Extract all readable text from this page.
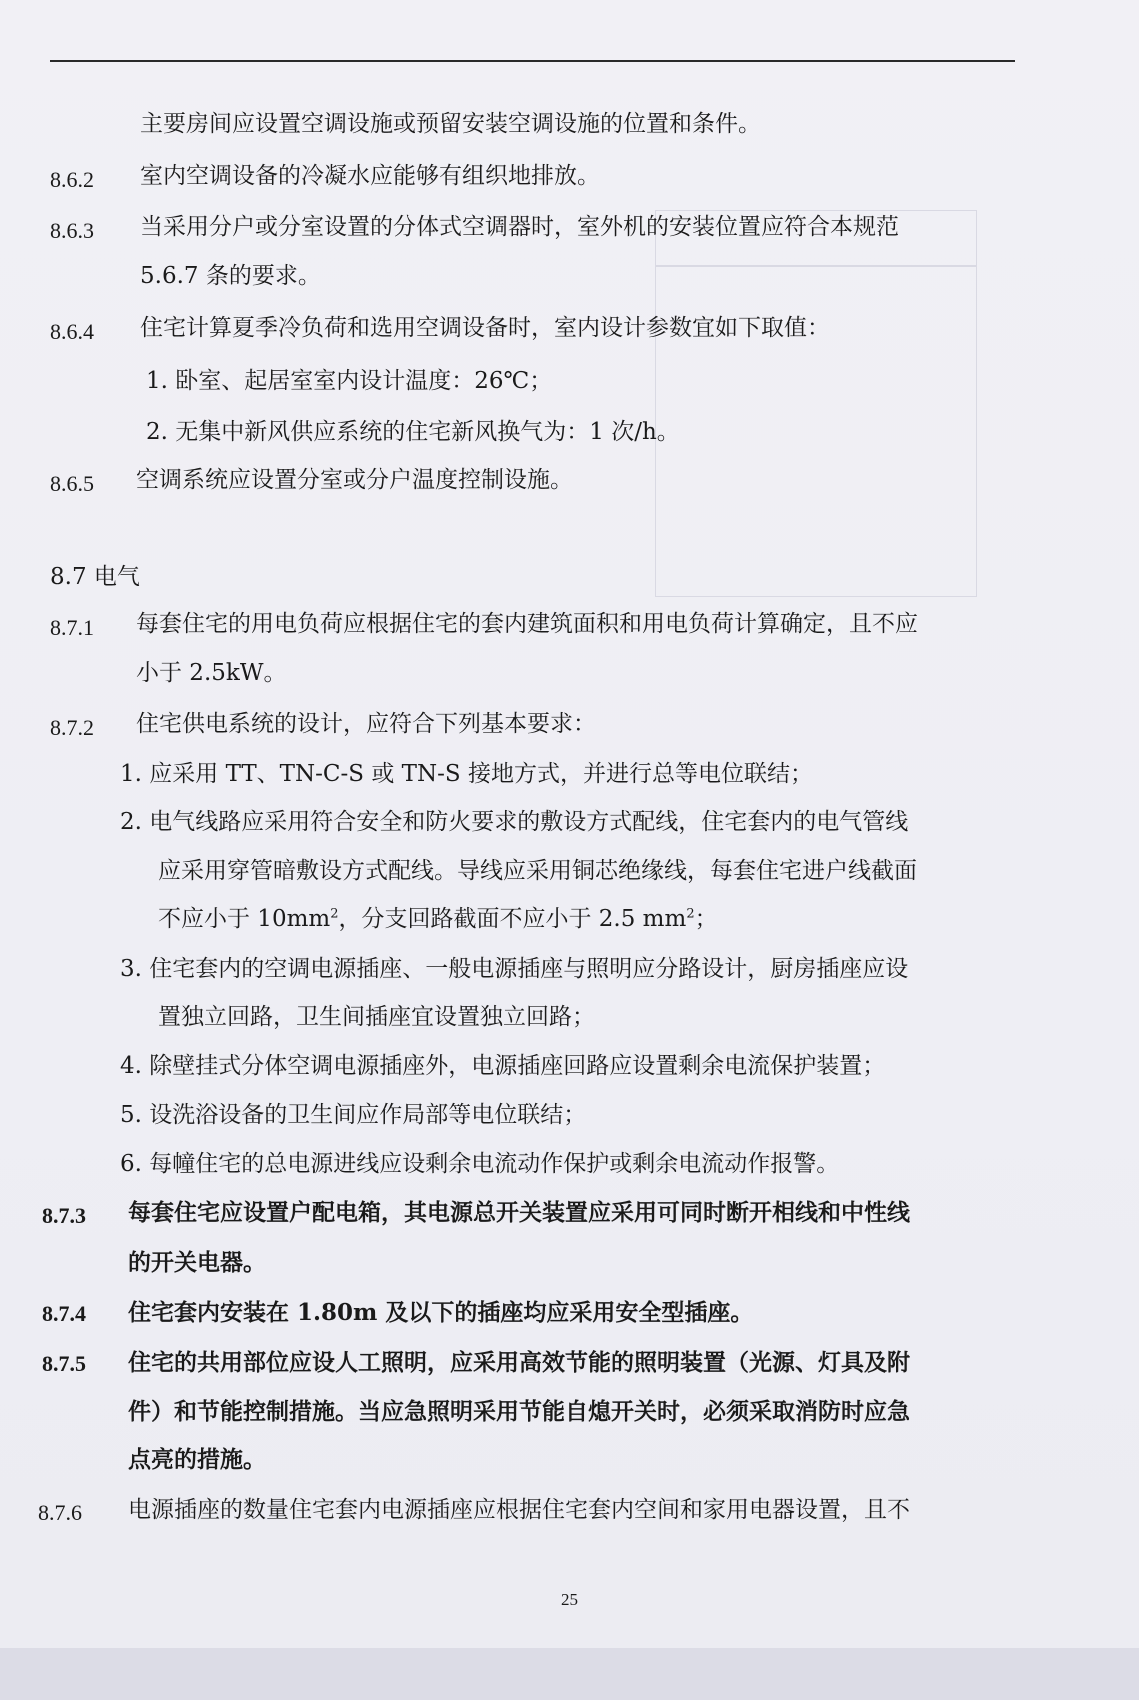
主要房间应设置空调设施或预留安装空调设施的位置和条件。
8.6.2 室内空调设备的冷凝水应能够有组织地排放。
8.6.3 当采用分户或分室设置的分体式空调器时，室外机的安装位置应符合本规范
5.6.7 条的要求。
8.6.4 住宅计算夏季冷负荷和选用空调设备时，室内设计参数宜如下取值：
1. 卧室、起居室室内设计温度：26℃；
2. 无集中新风供应系统的住宅新风换气为：1 次/h。
8.6.5 空调系统应设置分室或分户温度控制设施。
8.7 电气
8.7.1 每套住宅的用电负荷应根据住宅的套内建筑面积和用电负荷计算确定，且不应
小于 2.5kW。
8.7.2 住宅供电系统的设计，应符合下列基本要求：
1. 应采用 TT、TN-C-S 或 TN-S 接地方式，并进行总等电位联结；
2. 电气线路应采用符合安全和防火要求的敷设方式配线，住宅套内的电气管线
应采用穿管暗敷设方式配线。导线应采用铜芯绝缘线，每套住宅进户线截面
不应小于 $10mm^2$，分支回路截面不应小于 2.5 $mm^2$；
3. 住宅套内的空调电源插座、一般电源插座与照明应分路设计，厨房插座应设
置独立回路，卫生间插座宜设置独立回路；
4. 除壁挂式分体空调电源插座外，电源插座回路应设置剩余电流保护装置；
5. 设洗浴设备的卫生间应作局部等电位联结；
6. 每幢住宅的总电源进线应设剩余电流动作保护或剩余电流动作报警。
8.7.3 每套住宅应设置户配电箱，其电源总开关装置应采用可同时断开相线和中性线
的开关电器。
8.7.4 住宅套内安装在 1.80m 及以下的插座均应采用安全型插座。
8.7.5 住宅的共用部位应设人工照明，应采用高效节能的照明装置（光源、灯具及附
件）和节能控制措施。当应急照明采用节能自熄开关时，必须采取消防时应急
点亮的措施。
8.7.6 电源插座的数量住宅套内电源插座应根据住宅套内空间和家用电器设置，且不
25
